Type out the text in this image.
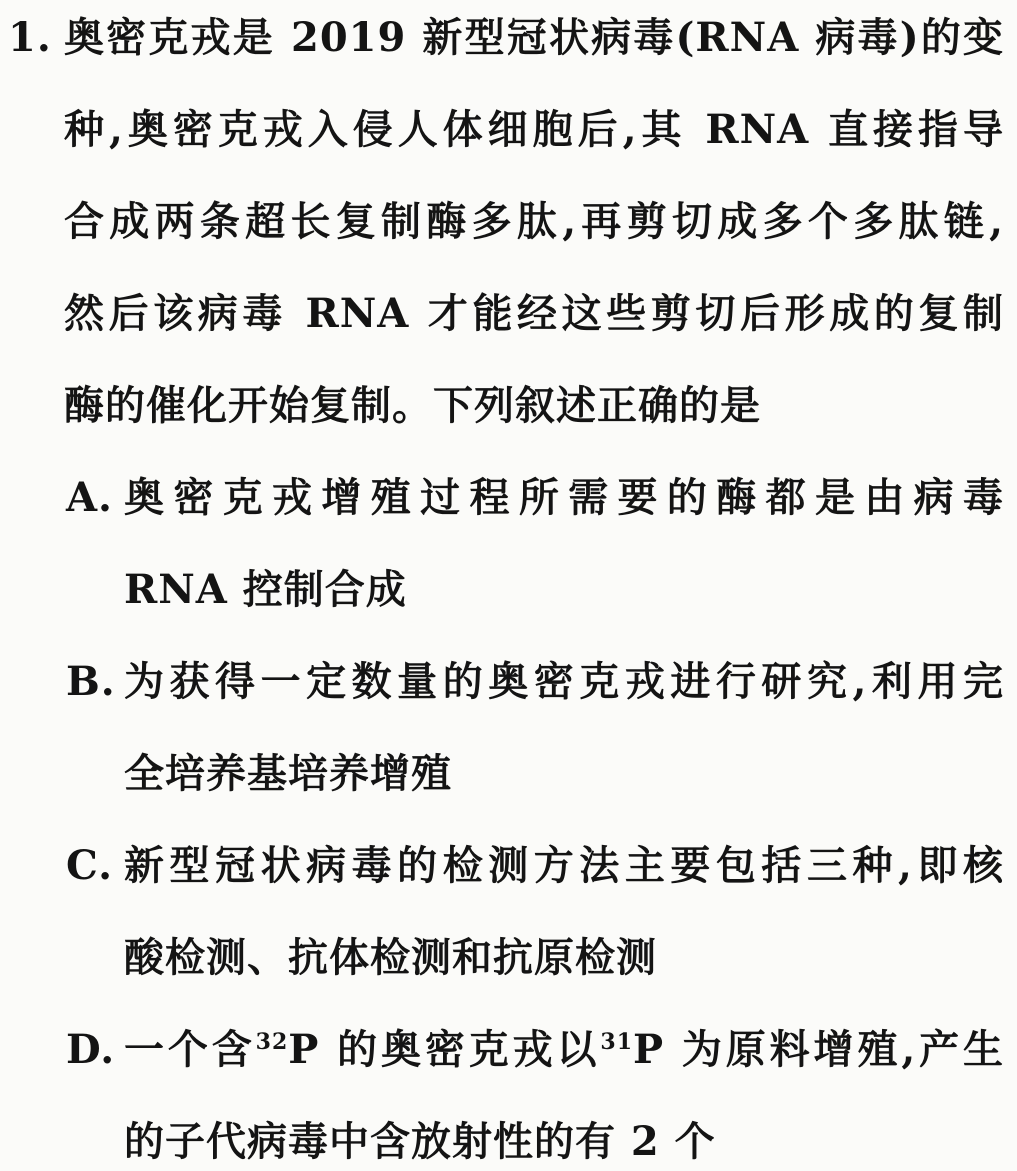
1. 奥密克戎是 2019 新型冠状病毒(RNA 病毒)的变
种,奥密克戎入侵人体细胞后,其 RNA 直接指导
合成两条超长复制酶多肽,再剪切成多个多肽链,
然后该病毒 RNA 才能经这些剪切后形成的复制
酶的催化开始复制。下列叙述正确的是
A. 奥密克戎增殖过程所需要的酶都是由病毒
RNA 控制合成
B. 为获得一定数量的奥密克戎进行研究,利用完
全培养基培养增殖
C. 新型冠状病毒的检测方法主要包括三种,即核
酸检测、抗体检测和抗原检测
D. 一个含$^{32}$P 的奥密克戎以$^{31}$P 为原料增殖,产生
的子代病毒中含放射性的有 2 个
